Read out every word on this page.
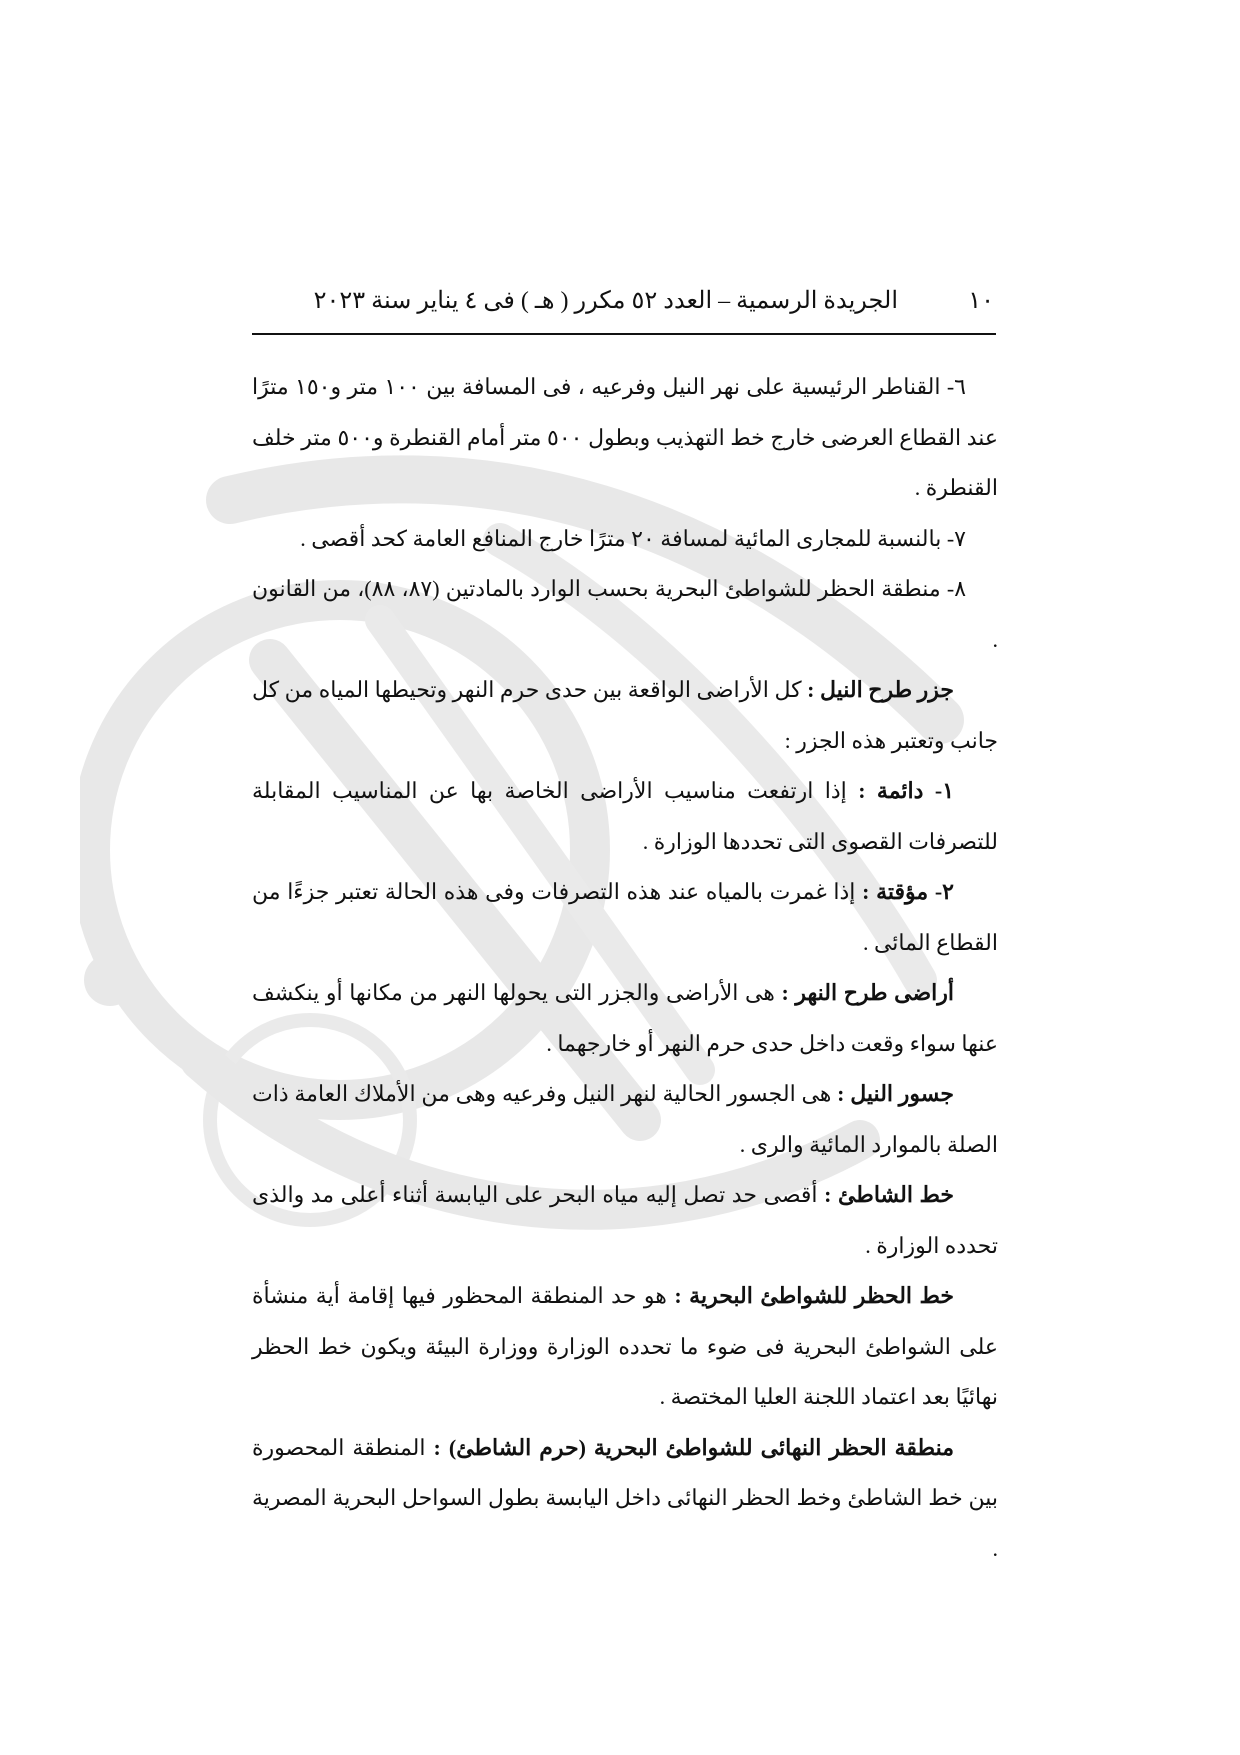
١٠
الجريدة الرسمية – العدد ٥٢ مكرر ( هـ ) فى ٤ يناير سنة ٢٠٢٣

٦- القناطر الرئيسية على نهر النيل وفرعيه ، فى المسافة بين ١٠٠ متر و١٥٠ مترًا عند القطاع العرضى خارج خط التهذيب وبطول ٥٠٠ متر أمام القنطرة و٥٠٠ متر خلف القنطرة .

٧- بالنسبة للمجارى المائية لمسافة ٢٠ مترًا خارج المنافع العامة كحد أقصى .

٨- منطقة الحظر للشواطئ البحرية بحسب الوارد بالمادتين (٨٧، ٨٨)، من القانون .

جزر طرح النيل : كل الأراضى الواقعة بين حدى حرم النهر وتحيطها المياه من كل جانب وتعتبر هذه الجزر :

١- دائمة : إذا ارتفعت مناسيب الأراضى الخاصة بها عن المناسيب المقابلة للتصرفات القصوى التى تحددها الوزارة .

٢- مؤقتة : إذا غمرت بالمياه عند هذه التصرفات وفى هذه الحالة تعتبر جزءًا من القطاع المائى .

أراضى طرح النهر : هى الأراضى والجزر التى يحولها النهر من مكانها أو ينكشف عنها سواء وقعت داخل حدى حرم النهر أو خارجهما .

جسور النيل : هى الجسور الحالية لنهر النيل وفرعيه وهى من الأملاك العامة ذات الصلة بالموارد المائية والرى .

خط الشاطئ : أقصى حد تصل إليه مياه البحر على اليابسة أثناء أعلى مد والذى تحدده الوزارة .

خط الحظر للشواطئ البحرية : هو حد المنطقة المحظور فيها إقامة أية منشأة على الشواطئ البحرية فى ضوء ما تحدده الوزارة ووزارة البيئة ويكون خط الحظر نهائيًا بعد اعتماد اللجنة العليا المختصة .

منطقة الحظر النهائى للشواطئ البحرية (حرم الشاطئ) : المنطقة المحصورة بين خط الشاطئ وخط الحظر النهائى داخل اليابسة بطول السواحل البحرية المصرية .
